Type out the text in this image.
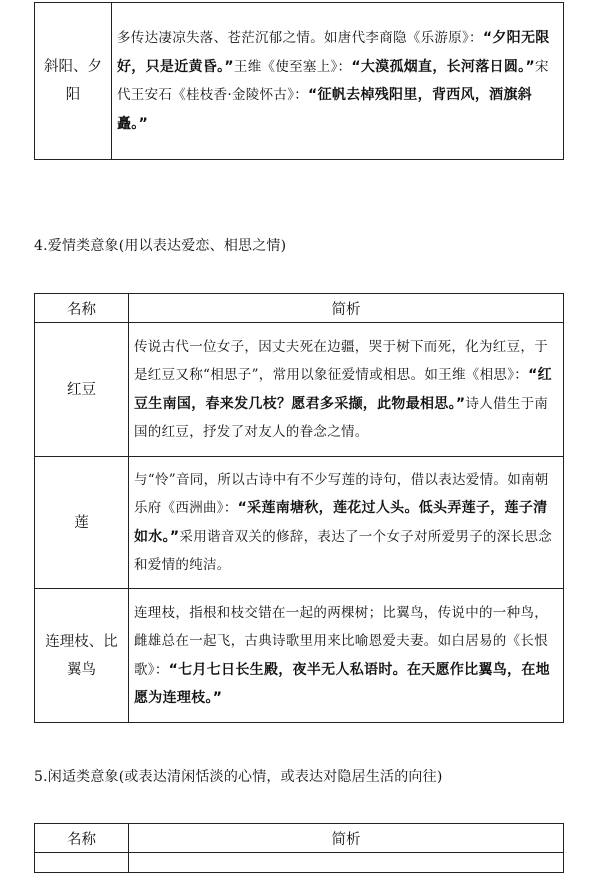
斜阳、夕阳	多传达凄凉失落、苍茫沉郁之情。如唐代李商隐《乐游原》：“夕阳无限好，只是近黄昏。”王维《使至塞上》：“大漠孤烟直，长河落日圆。”宋代王安石《桂枝香·金陵怀古》：“征帆去棹残阳里，背西风，酒旗斜矗。”
4.爱情类意象(用以表达爱恋、相思之情)
名称	简析
红豆	传说古代一位女子，因丈夫死在边疆，哭于树下而死，化为红豆，于是红豆又称“相思子”，常用以象征爱情或相思。如王维《相思》：“红豆生南国，春来发几枝？愿君多采撷，此物最相思。”诗人借生于南国的红豆，抒发了对友人的眷念之情。
莲	与“怜”音同，所以古诗中有不少写莲的诗句，借以表达爱情。如南朝乐府《西洲曲》：“采莲南塘秋，莲花过人头。低头弄莲子，莲子清如水。”采用谐音双关的修辞，表达了一个女子对所爱男子的深长思念和爱情的纯洁。
连理枝、比翼鸟	连理枝，指根和枝交错在一起的两棵树；比翼鸟，传说中的一种鸟，雌雄总在一起飞，古典诗歌里用来比喻恩爱夫妻。如白居易的《长恨歌》：“七月七日长生殿，夜半无人私语时。在天愿作比翼鸟，在地愿为连理枝。”
5.闲适类意象(或表达清闲恬淡的心情，或表达对隐居生活的向往)
名称	简析
